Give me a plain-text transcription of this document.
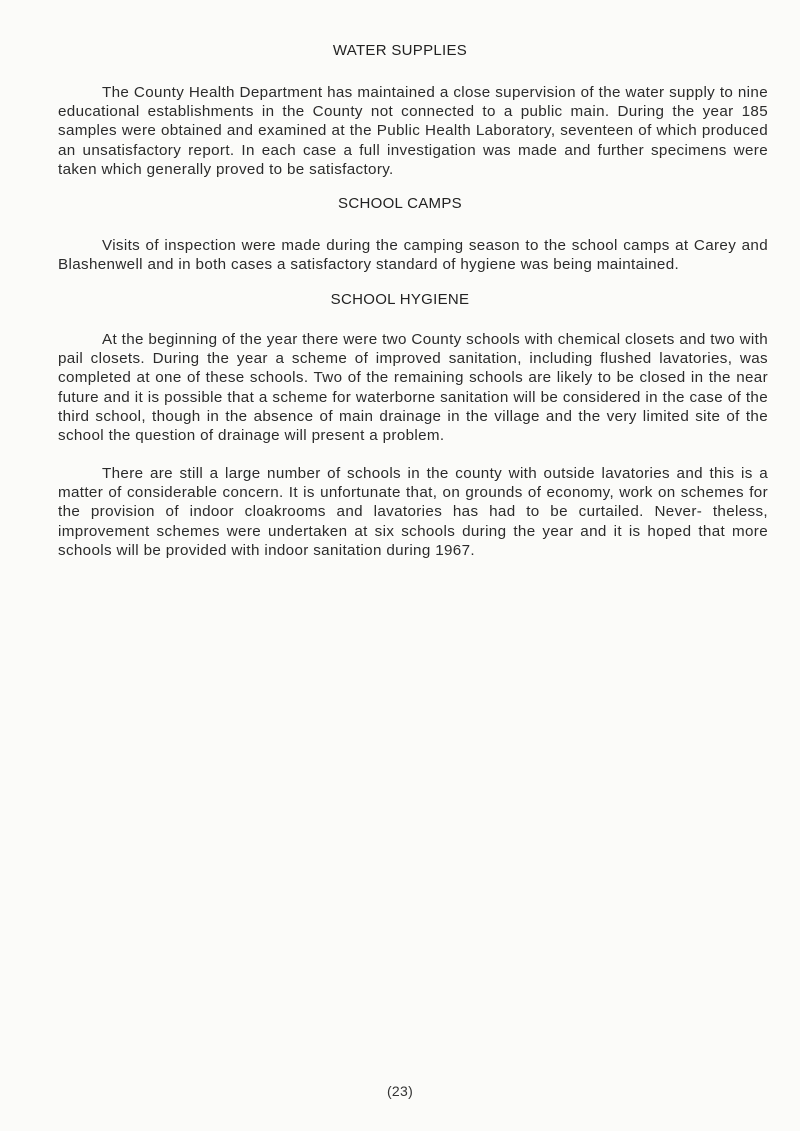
WATER SUPPLIES
The County Health Department has maintained a close supervision of the water supply to nine educational establishments in the County not connected to a public main. During the year 185 samples were obtained and examined at the Public Health Laboratory, seventeen of which produced an unsatisfactory report. In each case a full investigation was made and further specimens were taken which generally proved to be satisfactory.
SCHOOL CAMPS
Visits of inspection were made during the camping season to the school camps at Carey and Blashenwell and in both cases a satisfactory standard of hygiene was being maintained.
SCHOOL HYGIENE
At the beginning of the year there were two County schools with chemical closets and two with pail closets. During the year a scheme of improved sanitation, including flushed lavatories, was completed at one of these schools. Two of the remaining schools are likely to be closed in the near future and it is possible that a scheme for waterborne sanitation will be considered in the case of the third school, though in the absence of main drainage in the village and the very limited site of the school the question of drainage will present a problem.
There are still a large number of schools in the county with outside lavatories and this is a matter of considerable concern. It is unfortunate that, on grounds of economy, work on schemes for the provision of indoor cloakrooms and lavatories has had to be curtailed. Never- theless, improvement schemes were undertaken at six schools during the year and it is hoped that more schools will be provided with indoor sanitation during 1967.
(23)
